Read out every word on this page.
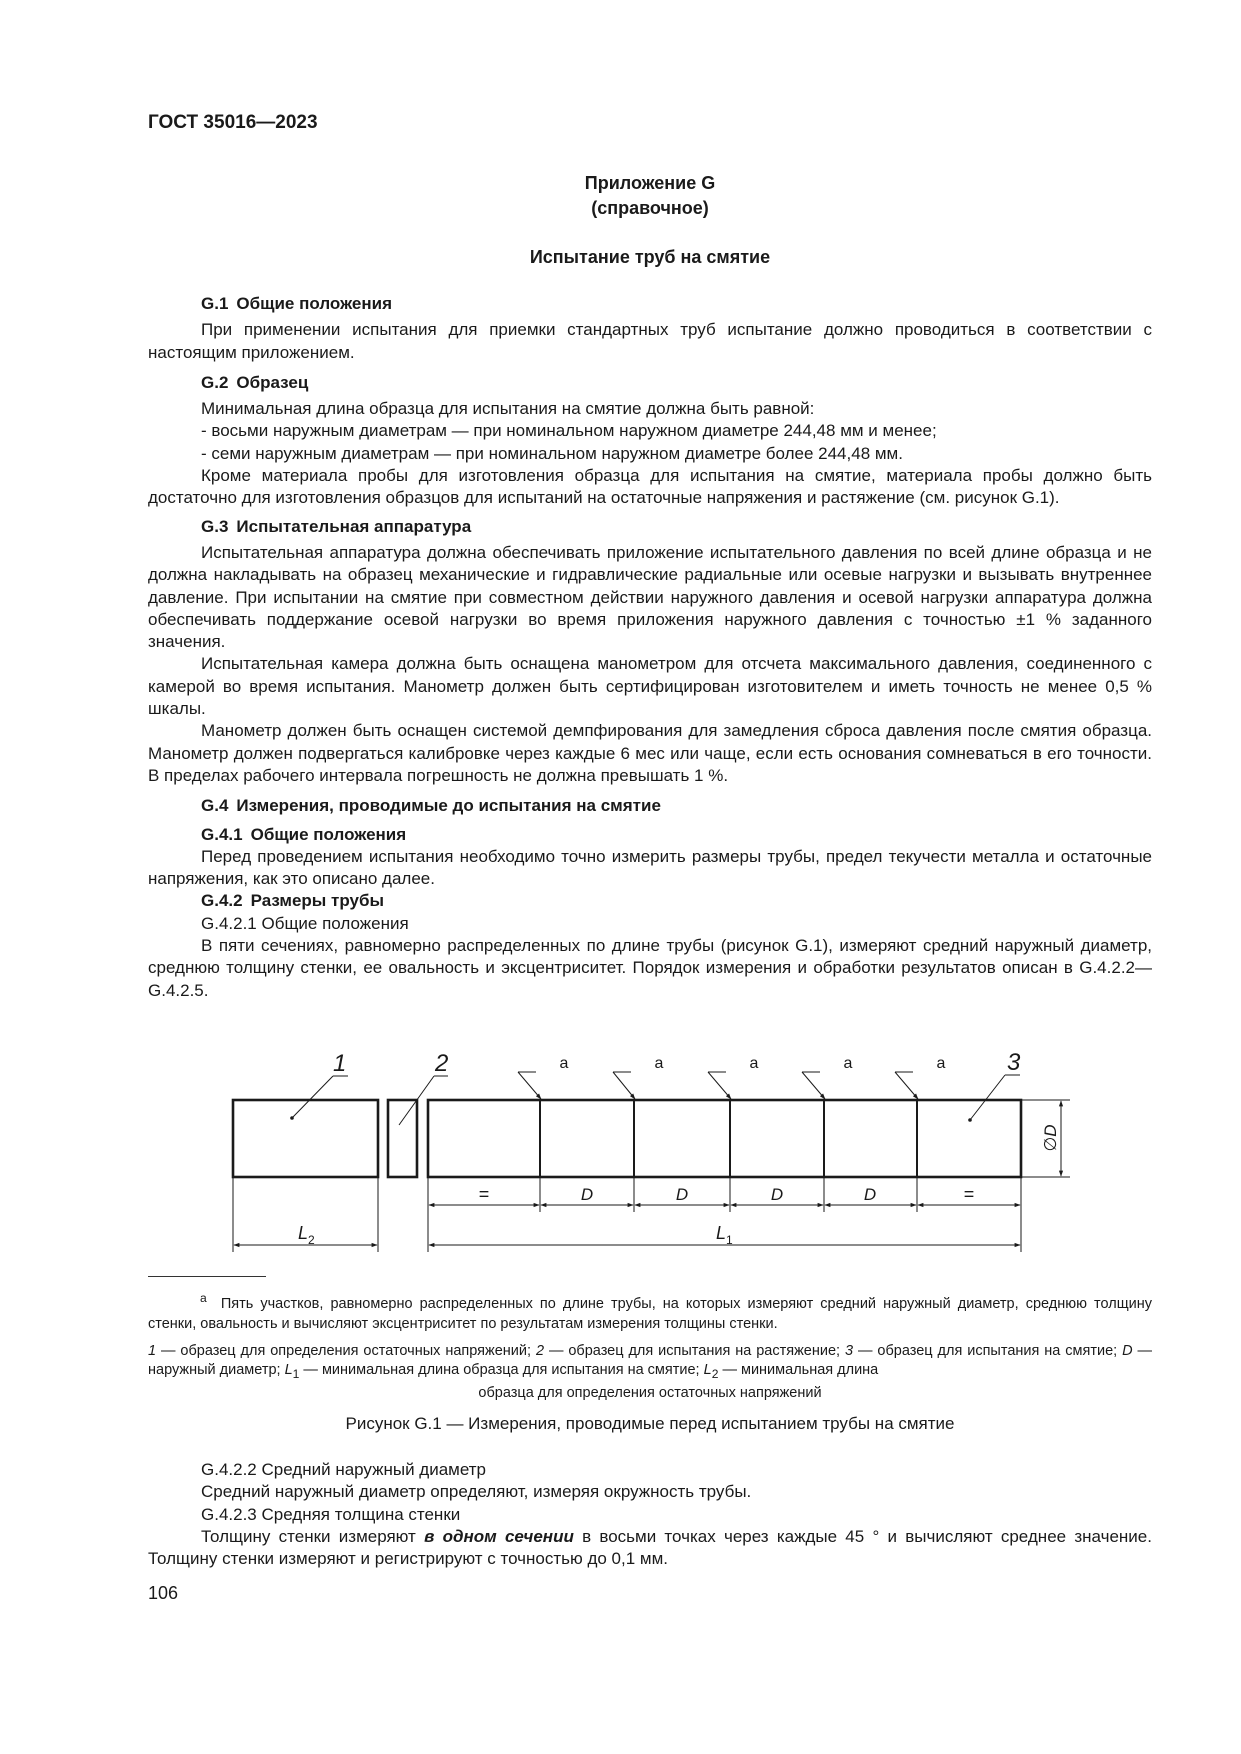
ГОСТ 35016—2023
Приложение G
(справочное)
Испытание труб на смятие

G.1 Общие положения

При применении испытания для приемки стандартных труб испытание должно проводиться в соответствии с настоящим приложением.

G.2 Образец

Минимальная длина образца для испытания на смятие должна быть равной:

- восьми наружным диаметрам — при номинальном наружном диаметре 244,48 мм и менее;

- семи наружным диаметрам — при номинальном наружном диаметре более 244,48 мм.

Кроме материала пробы для изготовления образца для испытания на смятие, материала пробы должно быть достаточно для изготовления образцов для испытаний на остаточные напряжения и растяжение (см. рисунок G.1).

G.3 Испытательная аппаратура

Испытательная аппаратура должна обеспечивать приложение испытательного давления по всей длине образца и не должна накладывать на образец механические и гидравлические радиальные или осевые нагрузки и вызывать внутреннее давление. При испытании на смятие при совместном действии наружного давления и осевой нагрузки аппаратура должна обеспечивать поддержание осевой нагрузки во время приложения наружного давления с точностью ±1 % заданного значения.

Испытательная камера должна быть оснащена манометром для отсчета максимального давления, соединенного с камерой во время испытания. Манометр должен быть сертифицирован изготовителем и иметь точность не менее 0,5 % шкалы.

Манометр должен быть оснащен системой демпфирования для замедления сброса давления после смятия образца. Манометр должен подвергаться калибровке через каждые 6 мес или чаще, если есть основания сомневаться в его точности. В пределах рабочего интервала погрешность не должна превышать 1 %.

G.4 Измерения, проводимые до испытания на смятие

G.4.1 Общие положения

Перед проведением испытания необходимо точно измерить размеры трубы, предел текучести металла и остаточные напряжения, как это описано далее.

G.4.2 Размеры трубы

G.4.2.1 Общие положения

В пяти сечениях, равномерно распределенных по длине трубы (рисунок G.1), измеряют средний наружный диаметр, среднюю толщину стенки, ее овальность и эксцентриситет. Порядок измерения и обработки результатов описан в G.4.2.2—G.4.2.5.

1	2	3
a	a	a	a	a
=	D	D	D	D	=
$L_2$	$L_1$
∅D
$^a$ Пять участков, равномерно распределенных по длине трубы, на которых измеряют средний наружный диаметр, среднюю толщину стенки, овальность и вычисляют эксцентриситет по результатам измерения толщины стенки.
1 — образец для определения остаточных напряжений; 2 — образец для испытания на растяжение; 3 — образец для испытания на смятие; D — наружный диаметр; $L_1$ — минимальная длина образца для испытания на смятие; $L_2$ — минимальная длина
образца для определения остаточных напряжений
Рисунок G.1 — Измерения, проводимые перед испытанием трубы на смятие

G.4.2.2 Средний наружный диаметр

Средний наружный диаметр определяют, измеряя окружность трубы.

G.4.2.3 Средняя толщина стенки

Толщину стенки измеряют в одном сечении в восьми точках через каждые 45 ° и вычисляют среднее значение. Толщину стенки измеряют и регистрируют с точностью до 0,1 мм.

106
